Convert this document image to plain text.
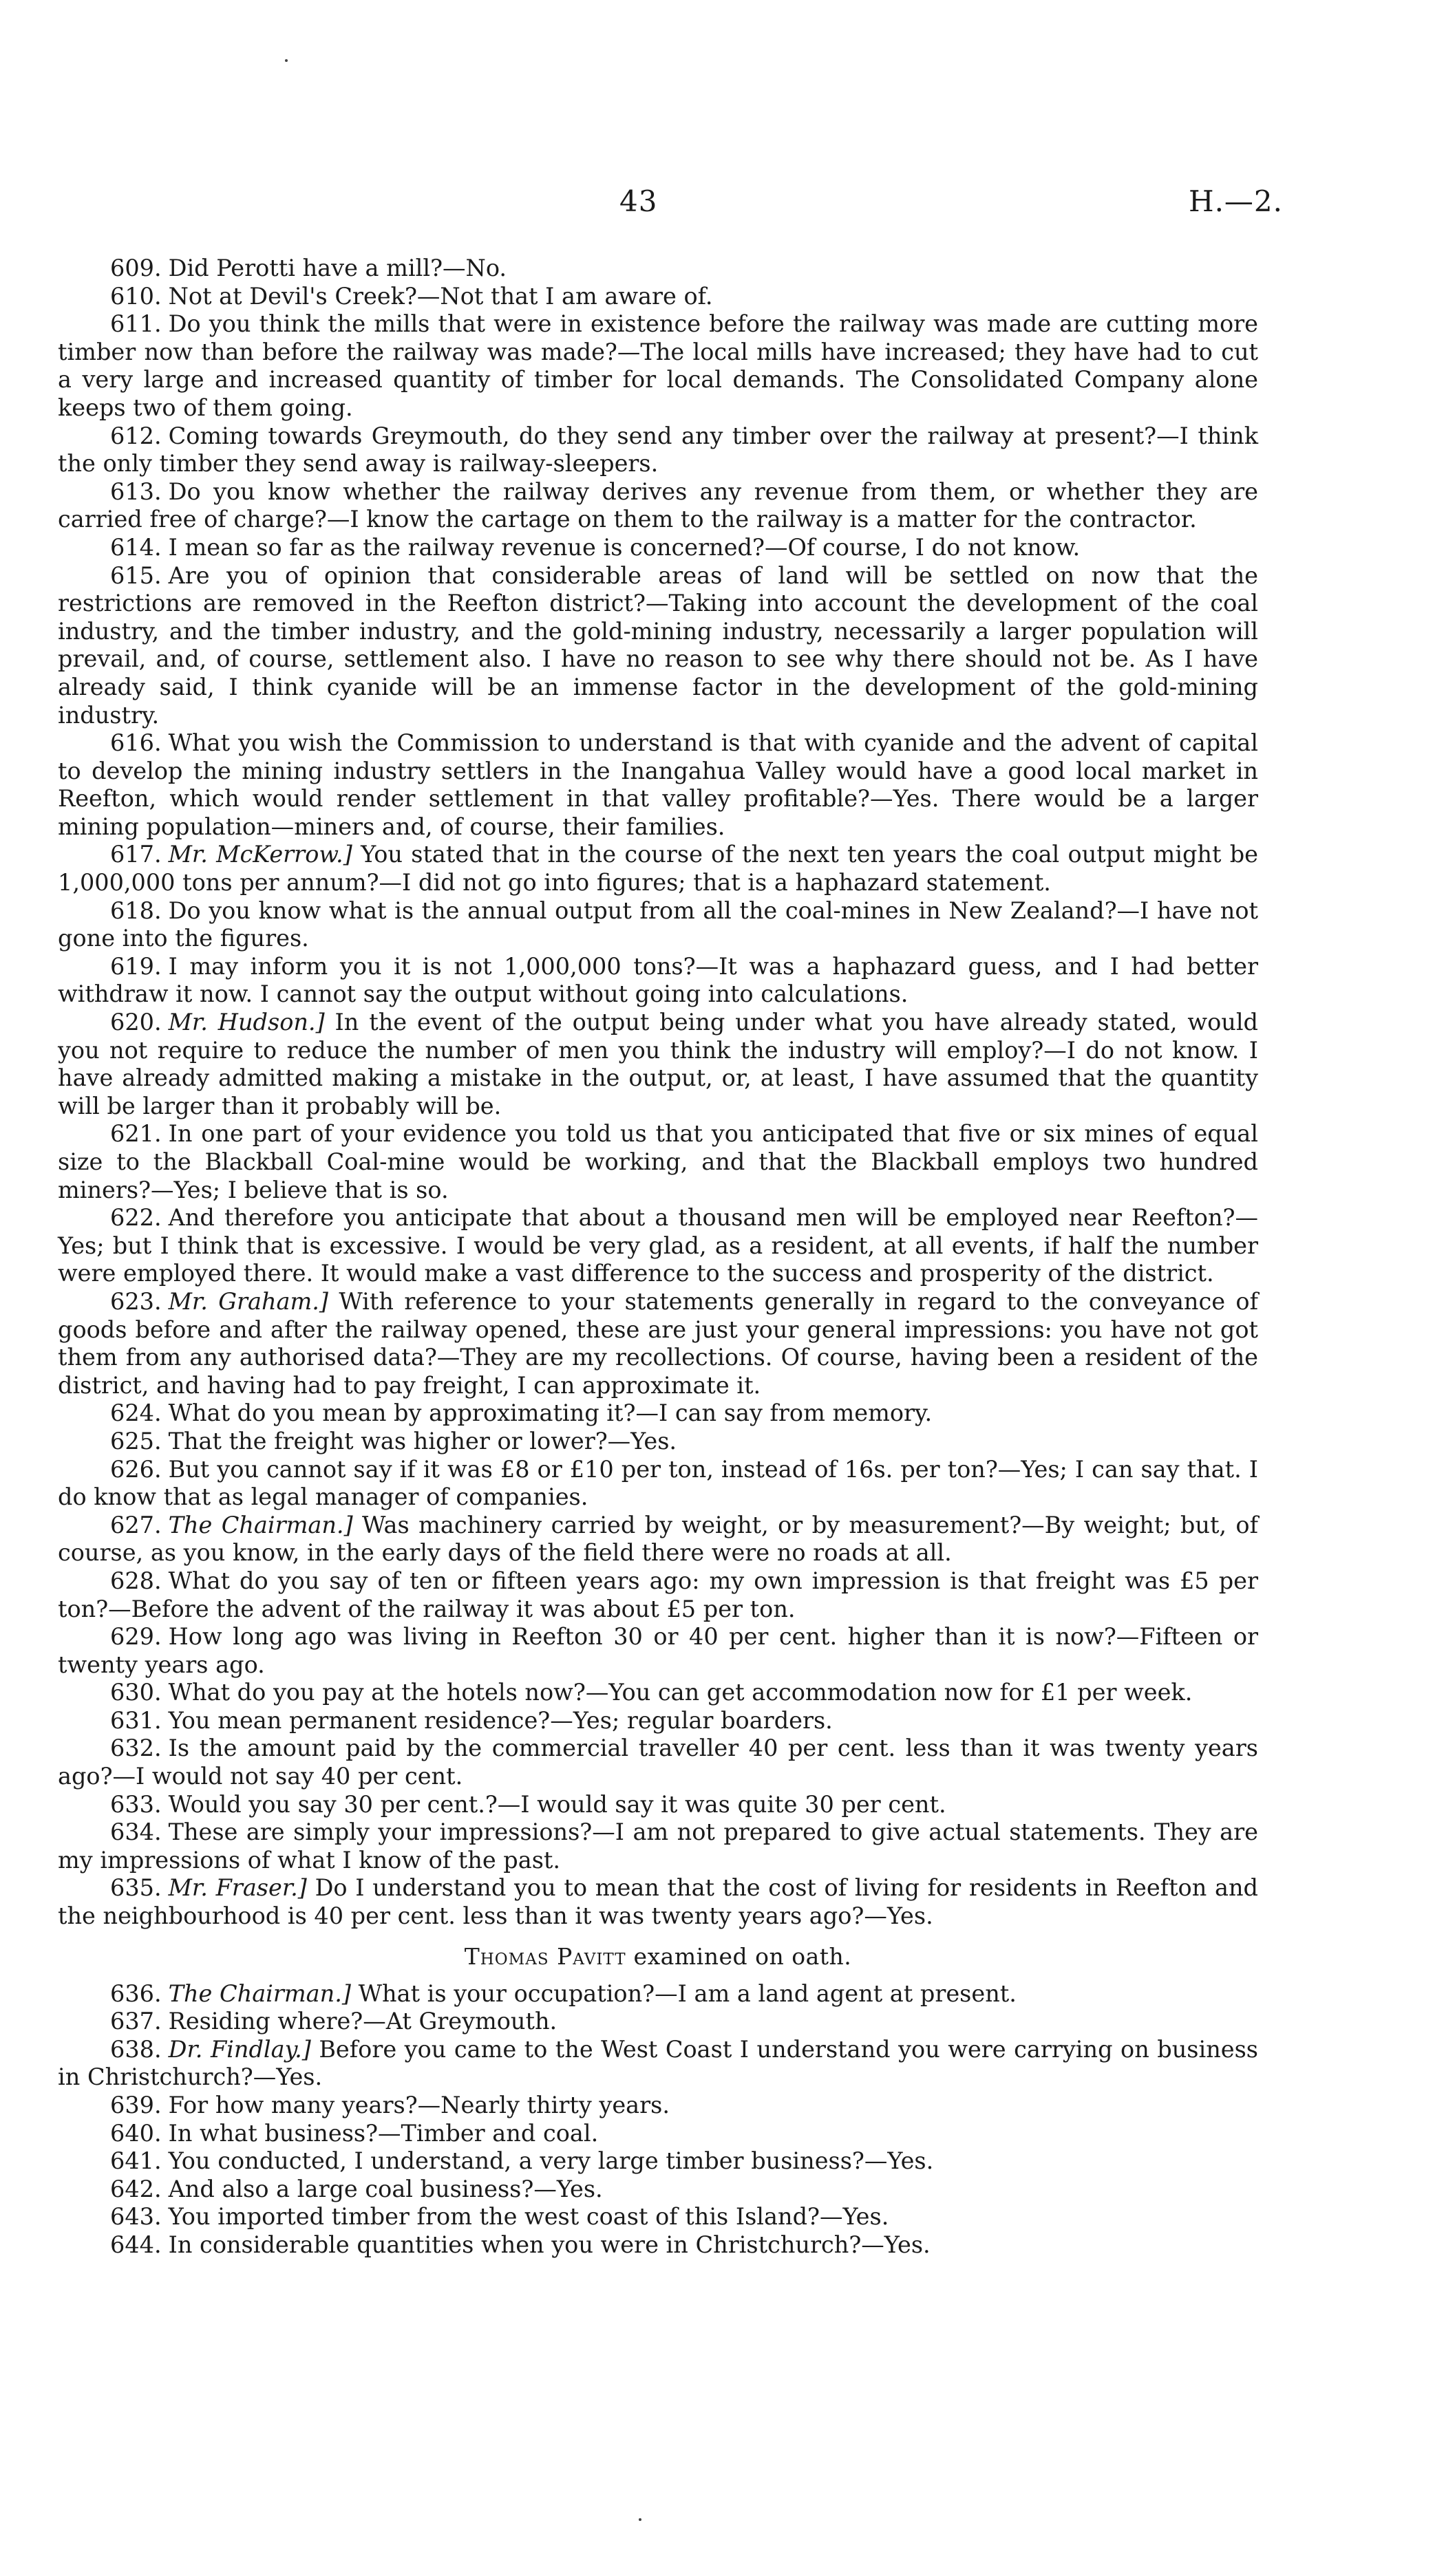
43	H.—2.

609. Did Perotti have a mill?—No.

610. Not at Devil's Creek?—Not that I am aware of.

611. Do you think the mills that were in existence before the railway was made are cutting more timber now than before the railway was made?—The local mills have increased; they have had to cut a very large and increased quantity of timber for local demands. The Consolidated Company alone keeps two of them going.

612. Coming towards Greymouth, do they send any timber over the railway at present?—I think the only timber they send away is railway-sleepers.

613. Do you know whether the railway derives any revenue from them, or whether they are carried free of charge?—I know the cartage on them to the railway is a matter for the contractor.

614. I mean so far as the railway revenue is concerned?—Of course, I do not know.

615. Are you of opinion that considerable areas of land will be settled on now that the restrictions are removed in the Reefton district?—Taking into account the development of the coal industry, and the timber industry, and the gold-mining industry, necessarily a larger population will prevail, and, of course, settlement also. I have no reason to see why there should not be. As I have already said, I think cyanide will be an immense factor in the development of the gold-mining industry.

616. What you wish the Commission to understand is that with cyanide and the advent of capital to develop the mining industry settlers in the Inangahua Valley would have a good local market in Reefton, which would render settlement in that valley profitable?—Yes. There would be a larger mining population—miners and, of course, their families.

617. Mr. McKerrow.] You stated that in the course of the next ten years the coal output might be 1,000,000 tons per annum?—I did not go into figures; that is a haphazard statement.

618. Do you know what is the annual output from all the coal-mines in New Zealand?—I have not gone into the figures.

619. I may inform you it is not 1,000,000 tons?—It was a haphazard guess, and I had better withdraw it now. I cannot say the output without going into calculations.

620. Mr. Hudson.] In the event of the output being under what you have already stated, would you not require to reduce the number of men you think the industry will employ?—I do not know. I have already admitted making a mistake in the output, or, at least, I have assumed that the quantity will be larger than it probably will be.

621. In one part of your evidence you told us that you anticipated that five or six mines of equal size to the Blackball Coal-mine would be working, and that the Blackball employs two hundred miners?—Yes; I believe that is so.

622. And therefore you anticipate that about a thousand men will be employed near Reefton?—Yes; but I think that is excessive. I would be very glad, as a resident, at all events, if half the number were employed there. It would make a vast difference to the success and prosperity of the district.

623. Mr. Graham.] With reference to your statements generally in regard to the conveyance of goods before and after the railway opened, these are just your general impressions: you have not got them from any authorised data?—They are my recollections. Of course, having been a resident of the district, and having had to pay freight, I can approximate it.

624. What do you mean by approximating it?—I can say from memory.

625. That the freight was higher or lower?—Yes.

626. But you cannot say if it was £8 or £10 per ton, instead of 16s. per ton?—Yes; I can say that. I do know that as legal manager of companies.

627. The Chairman.] Was machinery carried by weight, or by measurement?—By weight; but, of course, as you know, in the early days of the field there were no roads at all.

628. What do you say of ten or fifteen years ago: my own impression is that freight was £5 per ton?—Before the advent of the railway it was about £5 per ton.

629. How long ago was living in Reefton 30 or 40 per cent. higher than it is now?—Fifteen or twenty years ago.

630. What do you pay at the hotels now?—You can get accommodation now for £1 per week.

631. You mean permanent residence?—Yes; regular boarders.

632. Is the amount paid by the commercial traveller 40 per cent. less than it was twenty years ago?—I would not say 40 per cent.

633. Would you say 30 per cent.?—I would say it was quite 30 per cent.

634. These are simply your impressions?—I am not prepared to give actual statements. They are my impressions of what I know of the past.

635. Mr. Fraser.] Do I understand you to mean that the cost of living for residents in Reefton and the neighbourhood is 40 per cent. less than it was twenty years ago?—Yes.

Thomas Pavitt examined on oath.

636. The Chairman.] What is your occupation?—I am a land agent at present.

637. Residing where?—At Greymouth.

638. Dr. Findlay.] Before you came to the West Coast I understand you were carrying on business in Christchurch?—Yes.

639. For how many years?—Nearly thirty years.

640. In what business?—Timber and coal.

641. You conducted, I understand, a very large timber business?—Yes.

642. And also a large coal business?—Yes.

643. You imported timber from the west coast of this Island?—Yes.

644. In considerable quantities when you were in Christchurch?—Yes.
